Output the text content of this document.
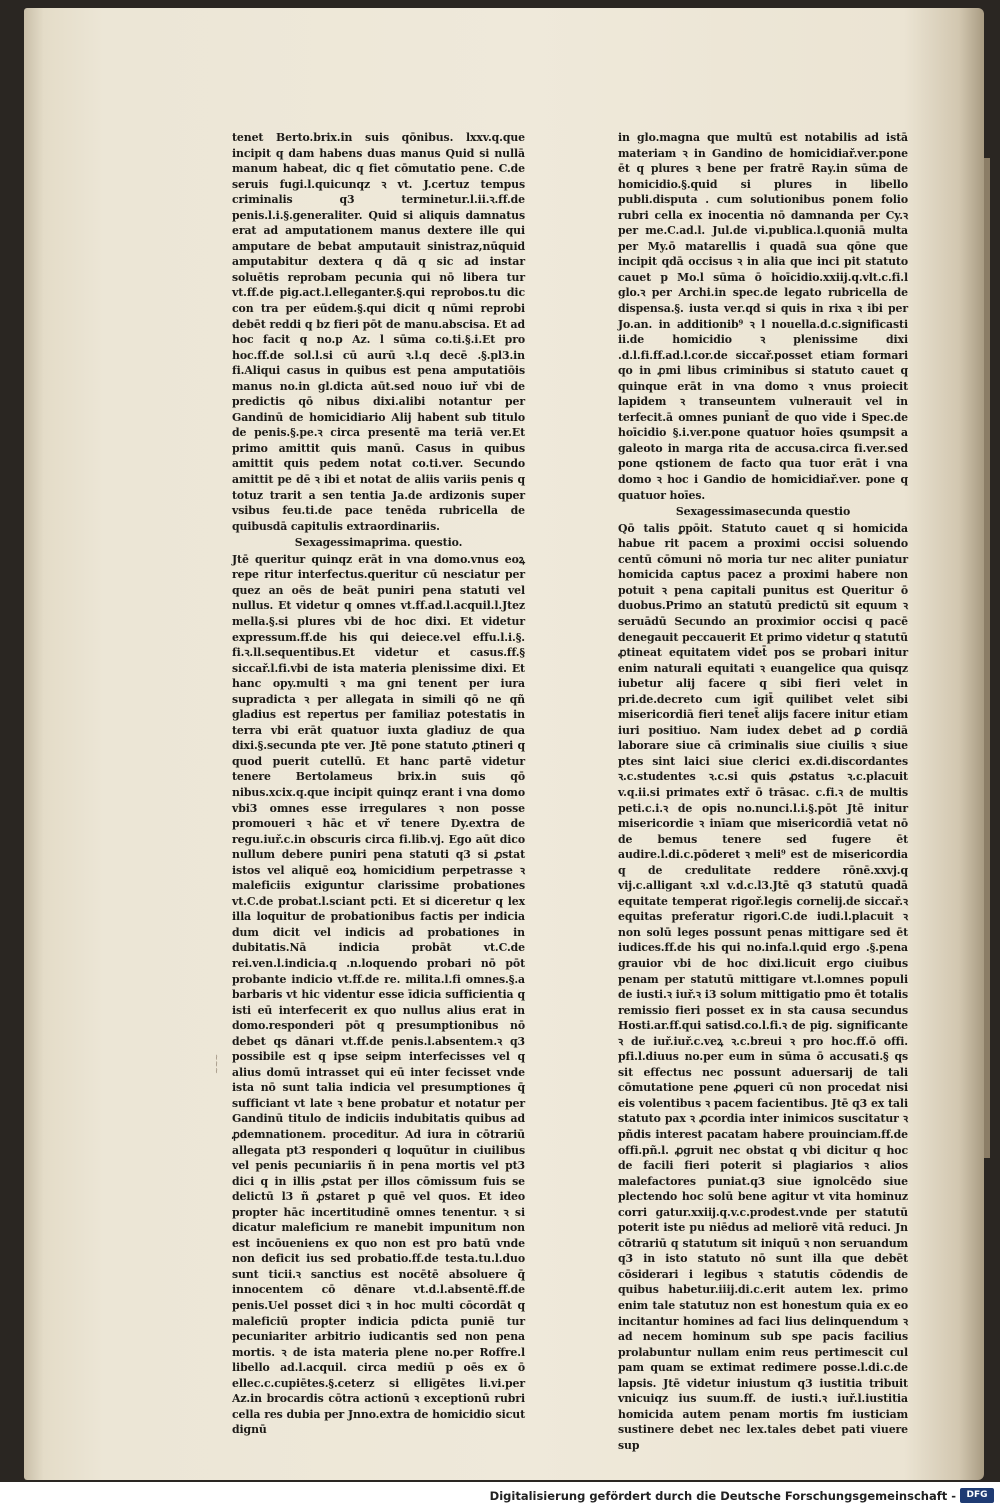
tenet Berto.brix.in suis qōnibus. lxxv.q.que incipit q dam habens duas manus Quid si nullā manum habeat, dic q fiet cōmutatio pene. C.de seruis fugi.l.quicunqz ꝛ vt. J.certuz tempus criminalis q3 terminetur.l.ii.ꝛ.ff.de penis.l.i.§.generaliter. Quid si aliquis damnatus erat ad amputationem manus dextere ille qui amputare de bebat amputauit sinistraz,nūquid amputabitur dextera q dā q sic ad instar soluētis reprobam pecunia qui nō libera tur vt.ff.de pig.act.l.elleganter.§.qui reprobos.tu dic con tra per eūdem.§.qui dicit q nūmi reprobi debēt reddi q bz fieri pōt de manu.abscisa. Et ad hoc facit q no.p Az. l sūma co.ti.§.i.Et pro hoc.ff.de sol.l.si cū aurū ꝛ.l.q decē .§.pl3.in fi.Aliqui casus in quibus est pena amputatiōis manus no.in gl.dicta aūt.sed nouo iuř vbi de predictis qō nibus dixi.alibi notantur per Gandinū de homicidiario Alij habent sub titulo de penis.§.pe.ꝛ circa presentē ma teriā ver.Et primo amittit quis manū. Casus in quibus amittit quis pedem notat co.ti.ver. Secundo amittit pe dē ꝛ ibi et notat de aliis variis penis q totuz trarit a sen tentia Ja.de ardizonis super vsibus feu.ti.de pace tenēda rubricella de quibusdā capitulis extraordinariis.

Sexagessimaprima. questio.

Jtē queritur quinqz erāt in vna domo.vnus eoꝝ repe ritur interfectus.queritur cū nesciatur per quez an oēs de beāt puniri pena statuti vel nullus. Et videtur q omnes vt.ff.ad.l.acquil.l.Jtez mella.§.si plures vbi de hoc dixi. Et videtur expressum.ff.de his qui deiece.vel effu.l.i.§. fi.ꝛ.ll.sequentibus.Et videtur et casus.ff.§ siccař.l.fi.vbi de ista materia plenissime dixi. Et hanc opy.multi ꝛ ma gni tenent per iura supradicta ꝛ per allegata in simili qō ne qñ gladius est repertus per familiaz potestatis in terra vbi erāt quatuor iuxta gladiuz de qua dixi.§.secunda pte ver. Jtē pone statuto ꝓtineri q quod puerit cutellū. Et hanc partē videtur tenere Bertolameus brix.in suis qō nibus.xcix.q.que incipit quinqz erant i vna domo vbi3 omnes esse irregulares ꝛ non posse promoueri ꝛ hāc et vř tenere Dy.extra de regu.iuř.c.in obscuris circa fi.lib.vj. Ego aūt dico nullum debere puniri pena statuti q3 si ꝓstat istos vel aliquē eoꝝ homicidium perpetrasse ꝛ maleficiis exiguntur clarissime probationes vt.C.de probat.l.sciant pcti. Et si diceretur q lex illa loquitur de probationibus factis per indicia dum dicit vel indicis ad probationes in dubitatis.Nā indicia probāt vt.C.de rei.ven.l.indicia.q .n.loquendo probari nō pōt probante indicio vt.ff.de re. milita.l.fi omnes.§.a barbaris vt hic videntur esse īdicia sufficientia q isti eū interfecerit ex quo nullus alius erat in domo.responderi pōt q presumptionibus nō debet qs dānari vt.ff.de penis.l.absentem.ꝛ q3 possibile est q ipse seipm interfecisses vel q alius domū intrasset qui eū inter fecisset vnde ista nō sunt talia indicia vel presumptiones q̄ sufficiant vt late ꝛ bene probatur et notatur per Gandinū titulo de indiciis indubitatis quibus ad ꝓdemnationem. proceditur. Ad iura in cōtrariū allegata pt3 responderi q loquūtur in ciuilibus vel penis pecuniariis ñ in pena mortis vel pt3 dici q in illis ꝓstat per illos cōmissum fuis se delictū l3 ñ ꝓstaret p quē vel quos. Et ideo propter hāc incertitudinē omnes tenentur. ꝛ si dicatur maleficium re manebit impunitum non est incōueniens ex quo non est pro batū vnde non deficit ius sed probatio.ff.de testa.tu.l.duo sunt ticii.ꝛ sanctius est nocētē absoluere q̄ innocentem cō dēnare vt.d.l.absentē.ff.de penis.Uel posset dici ꝛ in hoc multi cōcordāt q maleficiū propter indicia pdicta puniē tur pecuniariter arbitrio iudicantis sed non pena mortis. ꝛ de ista materia plene no.per Roffre.l libello ad.l.acquil. circa mediū p oēs ex ō ellec.c.cupiētes.§.ceterz si elligētes li.vi.per Az.in brocardis cōtra actionū ꝛ exceptionū rubri cella res dubia per Jnno.extra de homicidio sicut dignū

in glo.magna que multū est notabilis ad istā materiam ꝛ in Gandino de homicidiař.ver.pone ēt q plures ꝛ bene per fratrē Ray.in sūma de homicidio.§.quid si plures in libello publi.disputa . cum solutionibus ponem folio rubri cella ex inocentia nō damnanda per Cy.ꝛ per me.C.ad.l. Jul.de vi.publica.l.quoniā multa per My.ō matarellis i quadā sua qōne que incipit qdā occisus ꝛ in alia que inci pit statuto cauet p Mo.l sūma ō hoīcidio.xxiij.q.vlt.c.fi.l glo.ꝛ per Archi.in spec.de legato rubricella de dispensa.§. iusta ver.qd si quis in rixa ꝛ ibi per Jo.an. in additionib⁹ ꝛ l nouella.d.c.significasti ii.de homicidio ꝛ plenissime dixi .d.l.fi.ff.ad.l.cor.de siccař.posset etiam formari qo in ꝓmi libus criminibus si statuto cauet q quinque erāt in vna domo ꝛ vnus proiecit lapidem ꝛ transeuntem vulnerauit vel in terfecit.ā omnes puniant̄ de quo vide i Spec.de hoīcidio §.i.ver.pone quatuor hoīes qsumpsit a galeoto in marga rita de accusa.circa fi.ver.sed pone qstionem de facto qua tuor erāt i vna domo ꝛ hoc i Gandio de homicidiař.ver. pone q quatuor hoīes.

Sexagessimasecunda questio

Qō talis ꝑpōit. Statuto cauet q si homicida habue rit pacem a proximi occisi soluendo centū cōmuni nō moria tur nec aliter puniatur homicida captus pacez a proximi habere non potuit ꝛ pena capitali punitus est Queritur ō duobus.Primo an statutū predictū sit equum ꝛ seruādū Secundo an proximior occisi q pacē denegauit peccauerit Et primo videtur q statutū ꝓtineat equitatem videt̄ pos se probari initur enim naturali equitati ꝛ euangelice qua quisqz iubetur alij facere q sibi fieri velet in pri.de.decreto cum igit̄ quilibet velet sibi misericordiā fieri tenet̄ alijs facere initur etiam iuri positiuo. Nam iudex debet ad ꝑ cordiā laborare siue cā criminalis siue ciuilis ꝛ siue ptes sint laici siue clerici ex.di.discordantes ꝛ.c.studentes ꝛ.c.si quis ꝓstatus ꝛ.c.placuit v.q.ii.si primates extř ō trāsac. c.fi.ꝛ de multis peti.c.i.ꝛ de opis no.nunci.l.i.§.pōt Jtē initur misericordie ꝛ inīam que misericordiā vetat nō de bemus tenere sed fugere ēt audire.l.di.c.pōderet ꝛ meli⁹ est de misericordia q de credulitate reddere rōnē.xxvj.q vij.c.alligant ꝛ.xl v.d.c.l3.Jtē q3 statutū quadā equitate temperat rigoř.legis cornelij.de siccař.ꝛ equitas preferatur rigori.C.de iudi.l.placuit ꝛ non solū leges possunt penas mittigare sed ēt iudices.ff.de his qui no.infa.l.quid ergo .§.pena grauior vbi de hoc dixi.licuit ergo ciuibus penam per statutū mittigare vt.l.omnes populi de iusti.ꝛ iuř.ꝛ i3 solum mittigatio pmo ēt totalis remissio fieri posset ex in sta causa secundus Hosti.ar.ff.qui satisd.co.l.fi.ꝛ de pig. significante ꝛ de iuř.iuř.c.veꝝ ꝛ.c.breui ꝛ pro hoc.ff.ō offi. pfi.l.diuus no.per eum in sūma ō accusati.§ qs sit effectus nec possunt aduersarij de tali cōmutatione pene ꝓqueri cū non procedat nisi eis volentibus ꝛ pacem facientibus. Jtē q3 ex tali statuto pax ꝛ ꝓcordia inter inimicos suscitatur ꝛ pñdis interest pacatam habere prouinciam.ff.de offi.pñ.l. ꝓgruit nec obstat q vbi dicitur q hoc de facili fieri poterit si plagiarios ꝛ alios malefactores puniat.q3 siue ignolcēdo siue plectendo hoc solū bene agitur vt vita hominuz corri gatur.xxiij.q.v.c.prodest.vnde per statutū poterit iste pu niēdus ad meliorē vitā reduci. Jn cōtrariū q statutum sit iniquū ꝛ non seruandum q3 in isto statuto nō sunt illa que debēt cōsiderari i legibus ꝛ statutis cōdendis de quibus habetur.iiij.di.c.erit autem lex. primo enim tale statutuz non est honestum quia ex eo incitantur homines ad faci lius delinquendum ꝛ ad necem hominum sub spe pacis facilius prolabuntur nullam enim reus pertimescit cul pam quam se extimat redimere posse.l.di.c.de lapsis. Jtē videtur iniustum q3 iustitia tribuit vnicuiqz ius suum.ff. de iusti.ꝛ iuř.l.iustitia homicida autem penam mortis fm iusticiam sustinere debet nec lex.tales debet pati viuere sup

~~~
Digitalisierung gefördert durch die Deutsche Forschungsgemeinschaft -	DFG
